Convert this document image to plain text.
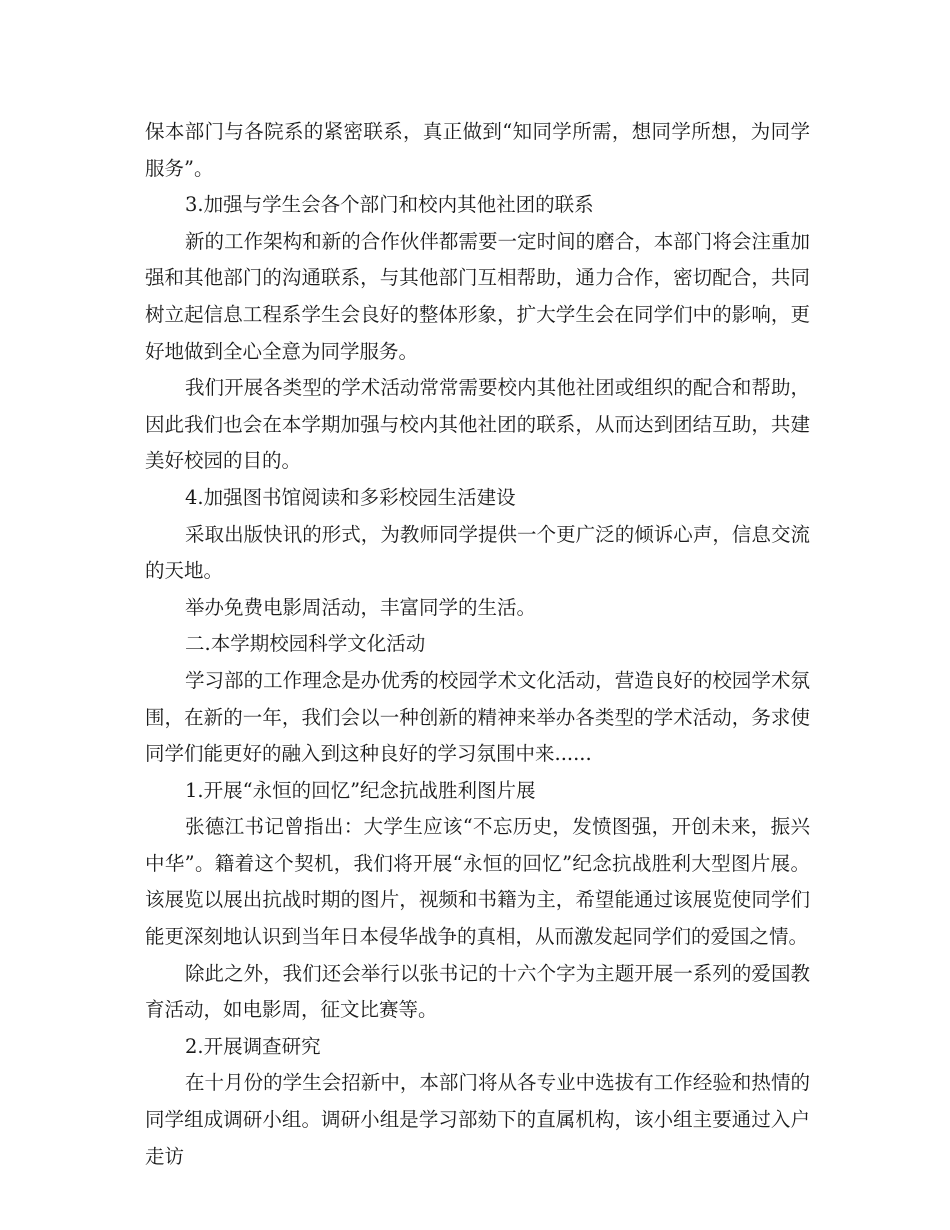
保本部门与各院系的紧密联系，真正做到“知同学所需，想同学所想，为同学服务”。

3.加强与学生会各个部门和校内其他社团的联系

新的工作架构和新的合作伙伴都需要一定时间的磨合，本部门将会注重加强和其他部门的沟通联系，与其他部门互相帮助，通力合作，密切配合，共同树立起信息工程系学生会良好的整体形象，扩大学生会在同学们中的影响，更好地做到全心全意为同学服务。

我们开展各类型的学术活动常常需要校内其他社团或组织的配合和帮助，因此我们也会在本学期加强与校内其他社团的联系，从而达到团结互助，共建美好校园的目的。

4.加强图书馆阅读和多彩校园生活建设

采取出版快讯的形式，为教师同学提供一个更广泛的倾诉心声，信息交流的天地。

举办免费电影周活动，丰富同学的生活。

二.本学期校园科学文化活动

学习部的工作理念是办优秀的校园学术文化活动，营造良好的校园学术氛围，在新的一年，我们会以一种创新的精神来举办各类型的学术活动，务求使同学们能更好的融入到这种良好的学习氛围中来......

1.开展“永恒的回忆”纪念抗战胜利图片展

张德江书记曾指出：大学生应该“不忘历史，发愤图强，开创未来，振兴中华”。籍着这个契机，我们将开展“永恒的回忆”纪念抗战胜利大型图片展。该展览以展出抗战时期的图片，视频和书籍为主，希望能通过该展览使同学们能更深刻地认识到当年日本侵华战争的真相，从而激发起同学们的爱国之情。

除此之外，我们还会举行以张书记的十六个字为主题开展一系列的爱国教育活动，如电影周，征文比赛等。

2.开展调查研究

在十月份的学生会招新中，本部门将从各专业中选拔有工作经验和热情的同学组成调研小组。调研小组是学习部劾下的直属机构，该小组主要通过入户走访
